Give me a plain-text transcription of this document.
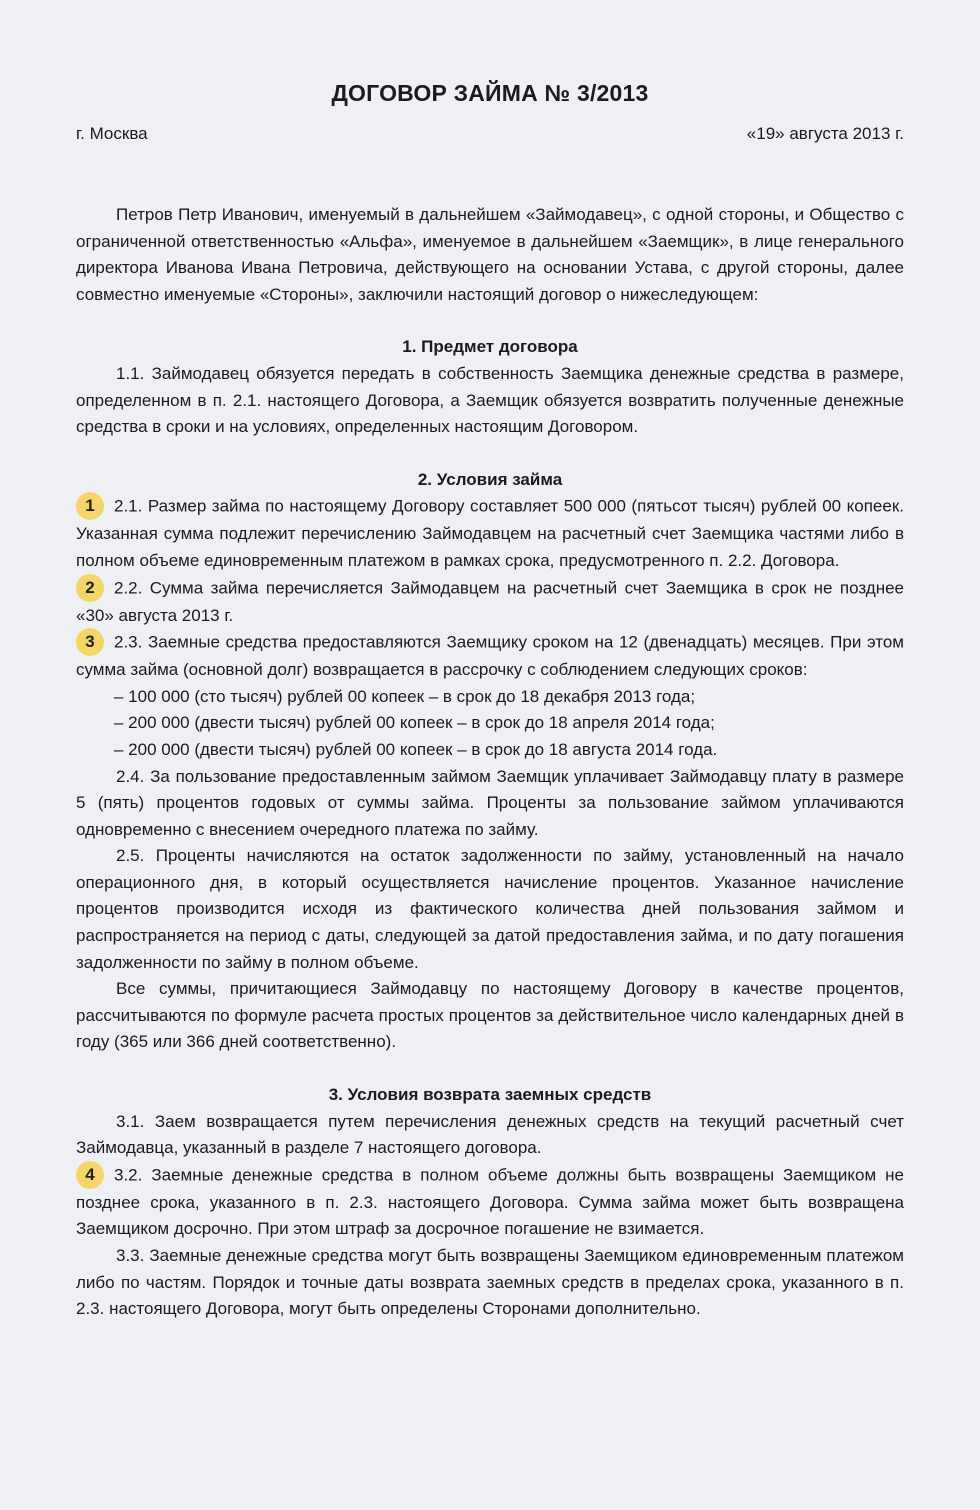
ДОГОВОР ЗАЙМА № 3/2013
г. Москва	«19» августа 2013 г.

Петров Петр Иванович, именуемый в дальнейшем «Займодавец», с одной стороны, и Общество с ограниченной ответственностью «Альфа», именуемое в дальнейшем «Заемщик», в лице генерального директора Иванова Ивана Петровича, действующего на основании Устава, с другой стороны, далее совместно именуемые «Стороны», заключили настоящий договор о нижеследующем:

1. Предмет договора

1.1. Займодавец обязуется передать в собственность Заемщика денежные средства в размере, определенном в п. 2.1. настоящего Договора, а Заемщик обязуется возвратить полученные денежные средства в сроки и на условиях, определенных настоящим Договором.

2. Условия займа

1 2.1. Размер займа по настоящему Договору составляет 500 000 (пятьсот тысяч) рублей 00 копеек. Указанная сумма подлежит перечислению Займодавцем на расчетный счет Заемщика частями либо в полном объеме единовременным платежом в рамках срока, предусмотренного п. 2.2. Договора.

2 2.2. Сумма займа перечисляется Займодавцем на расчетный счет Заемщика в срок не позднее «30» августа 2013 г.

3 2.3. Заемные средства предоставляются Заемщику сроком на 12 (двенадцать) месяцев. При этом сумма займа (основной долг) возвращается в рассрочку с соблюдением следующих сроков:

– 100 000 (сто тысяч) рублей 00 копеек – в срок до 18 декабря 2013 года;

– 200 000 (двести тысяч) рублей 00 копеек – в срок до 18 апреля 2014 года;

– 200 000 (двести тысяч) рублей 00 копеек – в срок до 18 августа 2014 года.

2.4. За пользование предоставленным займом Заемщик уплачивает Займодавцу плату в размере 5 (пять) процентов годовых от суммы займа. Проценты за пользование займом уплачиваются одновременно с внесением очередного платежа по займу.

2.5. Проценты начисляются на остаток задолженности по займу, установленный на начало операционного дня, в который осуществляется начисление процентов. Указанное начисление процентов производится исходя из фактического количества дней пользования займом и распространяется на период с даты, следующей за датой предоставления займа, и по дату погашения задолженности по займу в полном объеме.

Все суммы, причитающиеся Займодавцу по настоящему Договору в качестве процентов, рассчитываются по формуле расчета простых процентов за действительное число календарных дней в году (365 или 366 дней соответственно).

3. Условия возврата заемных средств

3.1. Заем возвращается путем перечисления денежных средств на текущий расчетный счет Займодавца, указанный в разделе 7 настоящего договора.

4 3.2. Заемные денежные средства в полном объеме должны быть возвращены Заемщиком не позднее срока, указанного в п. 2.3. настоящего Договора. Сумма займа может быть возвращена Заемщиком досрочно. При этом штраф за досрочное погашение не взимается.

3.3. Заемные денежные средства могут быть возвращены Заемщиком единовременным платежом либо по частям. Порядок и точные даты возврата заемных средств в пределах срока, указанного в п. 2.3. настоящего Договора, могут быть определены Сторонами дополнительно.
